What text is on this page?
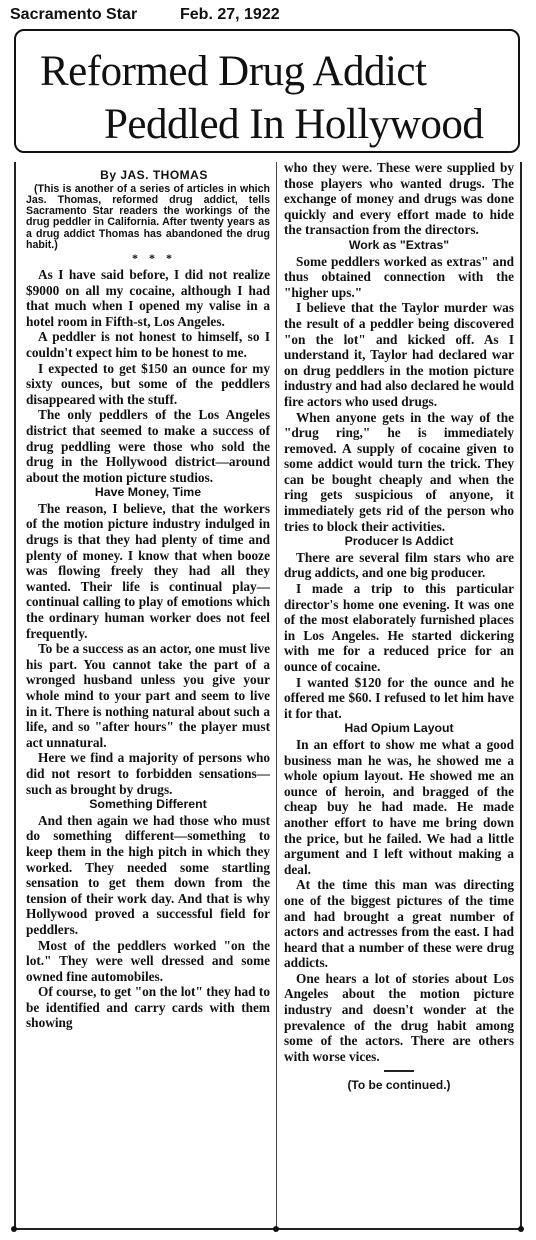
Sacramento Star	Feb. 27, 1922
Reformed Drug Addict
Peddled In Hollywood

By JAS. THOMAS

(This is another of a series of articles in which Jas. Thomas, reformed drug addict, tells Sacramento Star readers the workings of the drug peddler in California. After twenty years as a drug addict Thomas has abandoned the drug habit.)

* * *

As I have said before, I did not realize $9000 on all my cocaine, although I had that much when I opened my valise in a hotel room in Fifth-st, Los Angeles.

A peddler is not honest to himself, so I couldn't expect him to be honest to me.

I expected to get $150 an ounce for my sixty ounces, but some of the peddlers disappeared with the stuff.

The only peddlers of the Los Angeles district that seemed to make a success of drug peddling were those who sold the drug in the Hollywood district—around about the motion picture studios.

Have Money, Time

The reason, I believe, that the workers of the motion picture industry indulged in drugs is that they had plenty of time and plenty of money. I know that when booze was flowing freely they had all they wanted. Their life is continual play—continual calling to play of emotions which the ordinary human worker does not feel frequently.

To be a success as an actor, one must live his part. You cannot take the part of a wronged husband unless you give your whole mind to your part and seem to live in it. There is nothing natural about such a life, and so "after hours" the player must act unnatural.

Here we find a majority of persons who did not resort to forbidden sensations—such as brought by drugs.

Something Different

And then again we had those who must do something different—something to keep them in the high pitch in which they worked. They needed some startling sensation to get them down from the tension of their work day. And that is why Hollywood proved a successful field for peddlers.

Most of the peddlers worked "on the lot." They were well dressed and some owned fine automobiles.

Of course, to get "on the lot" they had to be identified and carry cards with them showing

who they were. These were supplied by those players who wanted drugs. The exchange of money and drugs was done quickly and every effort made to hide the transaction from the directors.

Work as "Extras"

Some peddlers worked as extras" and thus obtained connection with the "higher ups."

I believe that the Taylor murder was the result of a peddler being discovered "on the lot" and kicked off. As I understand it, Taylor had declared war on drug peddlers in the motion picture industry and had also declared he would fire actors who used drugs.

When anyone gets in the way of the "drug ring," he is immediately removed. A supply of cocaine given to some addict would turn the trick. They can be bought cheaply and when the ring gets suspicious of anyone, it immediately gets rid of the person who tries to block their activities.

Producer Is Addict

There are several film stars who are drug addicts, and one big producer.

I made a trip to this particular director's home one evening. It was one of the most elaborately furnished places in Los Angeles. He started dickering with me for a reduced price for an ounce of cocaine.

I wanted $120 for the ounce and he offered me $60. I refused to let him have it for that.

Had Opium Layout

In an effort to show me what a good business man he was, he showed me a whole opium layout. He showed me an ounce of heroin, and bragged of the cheap buy he had made. He made another effort to have me bring down the price, but he failed. We had a little argument and I left without making a deal.

At the time this man was directing one of the biggest pictures of the time and had brought a great number of actors and actresses from the east. I had heard that a number of these were drug addicts.

One hears a lot of stories about Los Angeles about the motion picture industry and doesn't wonder at the prevalence of the drug habit among some of the actors. There are others with worse vices.

(To be continued.)
